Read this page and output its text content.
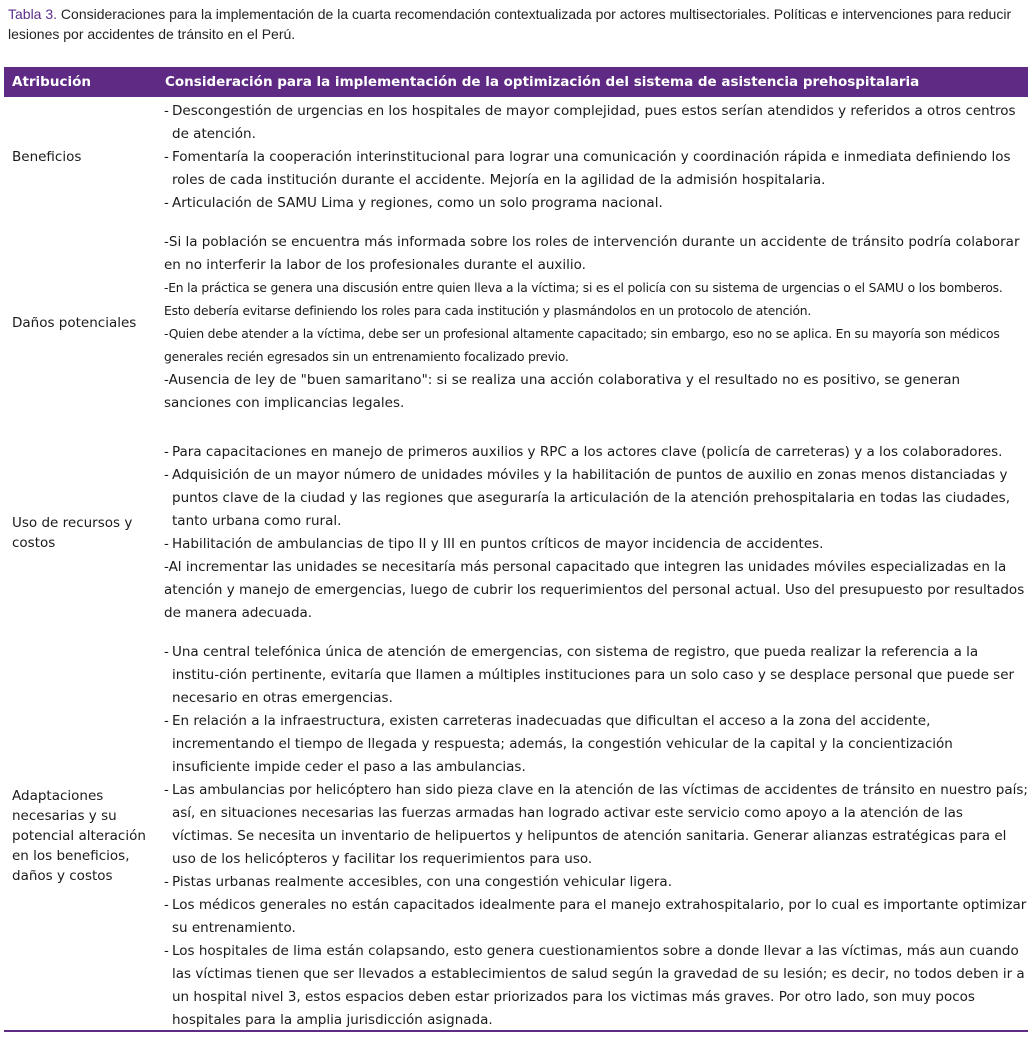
Tabla 3. Consideraciones para la implementación de la cuarta recomendación contextualizada por actores multisectoriales. Políticas e intervenciones para reducir lesiones por accidentes de tránsito en el Perú.
Atribución	Consideración para la implementación de la optimización del sistema de asistencia prehospitalaria
Beneficios
- Descongestión de urgencias en los hospitales de mayor complejidad, pues estos serían atendidos y referidos a otros centros de atención.
- Fomentaría la cooperación interinstitucional para lograr una comunicación y coordinación rápida e inmediata definiendo los roles de cada institución durante el accidente. Mejoría en la agilidad de la admisión hospitalaria.
- Articulación de SAMU Lima y regiones, como un solo programa nacional.
Daños potenciales
-Si la población se encuentra más informada sobre los roles de intervención durante un accidente de tránsito podría colaborar en no interferir la labor de los profesionales durante el auxilio.
-En la práctica se genera una discusión entre quien lleva a la víctima; si es el policía con su sistema de urgencias o el SAMU o los bomberos. Esto debería evitarse definiendo los roles para cada institución y plasmándolos en un protocolo de atención.
-Quien debe atender a la víctima, debe ser un profesional altamente capacitado; sin embargo, eso no se aplica. En su mayoría son médicos generales recién egresados sin un entrenamiento focalizado previo.
-Ausencia de ley de "buen samaritano": si se realiza una acción colaborativa y el resultado no es positivo, se generan sanciones con implicancias legales.
Uso de recursos y costos
- Para capacitaciones en manejo de primeros auxilios y RPC a los actores clave (policía de carreteras) y a los colaboradores.
- Adquisición de un mayor número de unidades móviles y la habilitación de puntos de auxilio en zonas menos distanciadas y puntos clave de la ciudad y las regiones que aseguraría la articulación de la atención prehospitalaria en todas las ciudades, tanto urbana como rural.
- Habilitación de ambulancias de tipo II y III en puntos críticos de mayor incidencia de accidentes.
-Al incrementar las unidades se necesitaría más personal capacitado que integren las unidades móviles especializadas en la atención y manejo de emergencias, luego de cubrir los requerimientos del personal actual. Uso del presupuesto por resultados de manera adecuada.
Adaptaciones necesarias y su potencial alteración en los beneficios, daños y costos
- Una central telefónica única de atención de emergencias, con sistema de registro, que pueda realizar la referencia a la institu-ción pertinente, evitaría que llamen a múltiples instituciones para un solo caso y se desplace personal que puede ser necesario en otras emergencias.
- En relación a la infraestructura, existen carreteras inadecuadas que dificultan el acceso a la zona del accidente, incrementando el tiempo de llegada y respuesta; además, la congestión vehicular de la capital y la concientización insuficiente impide ceder el paso a las ambulancias.
- Las ambulancias por helicóptero han sido pieza clave en la atención de las víctimas de accidentes de tránsito en nuestro país; así, en situaciones necesarias las fuerzas armadas han logrado activar este servicio como apoyo a la atención de las víctimas. Se necesita un inventario de helipuertos y helipuntos de atención sanitaria. Generar alianzas estratégicas para el uso de los helicópteros y facilitar los requerimientos para uso.
- Pistas urbanas realmente accesibles, con una congestión vehicular ligera.
- Los médicos generales no están capacitados idealmente para el manejo extrahospitalario, por lo cual es importante optimizar su entrenamiento.
- Los hospitales de lima están colapsando, esto genera cuestionamientos sobre a donde llevar a las víctimas, más aun cuando las víctimas tienen que ser llevados a establecimientos de salud según la gravedad de su lesión; es decir, no todos deben ir a un hospital nivel 3, estos espacios deben estar priorizados para los victimas más graves. Por otro lado, son muy pocos hospitales para la amplia jurisdicción asignada.
